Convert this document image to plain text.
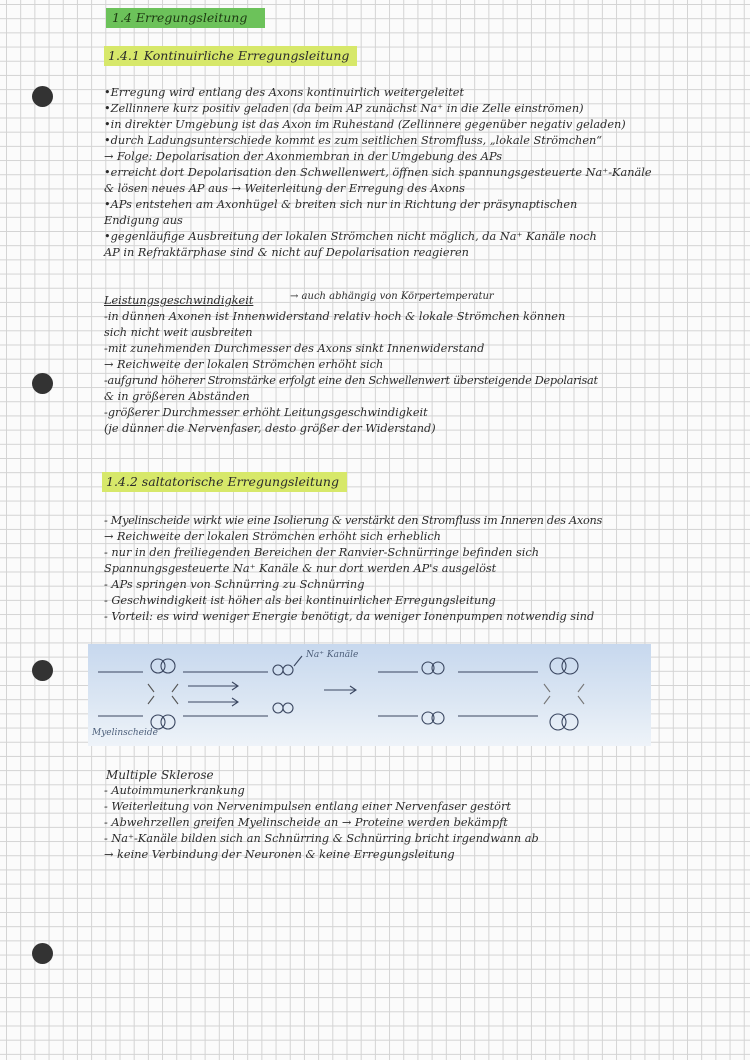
1.4 Erregungsleitung
1.4.1 Kontinuirliche Erregungsleitung
•Erregung wird entlang des Axons kontinuirlich weitergeleitet
•Zellinnere kurz positiv geladen (da beim AP zunächst Na⁺ in die Zelle einströmen)
•in direkter Umgebung ist das Axon im Ruhestand (Zellinnere gegenüber negativ geladen)
•durch Ladungsunterschiede kommt es zum seitlichen Stromfluss, „lokale Strömchen“
→ Folge: Depolarisation der Axonmembran in der Umgebung des APs
•erreicht dort Depolarisation den Schwellenwert, öffnen sich spannungsgesteuerte Na⁺-Kanäle
& lösen neues AP aus → Weiterleitung der Erregung des Axons
•APs entstehen am Axonhügel & breiten sich nur in Richtung der präsynaptischen
Endigung aus
•gegenläufige Ausbreitung der lokalen Strömchen nicht möglich, da Na⁺ Kanäle noch
AP in Refraktärphase sind & nicht auf Depolarisation reagieren
Leistungsgeschwindigkeit	→ auch abhängig von Körpertemperatur
-in dünnen Axonen ist Innenwiderstand relativ hoch & lokale Strömchen können
sich nicht weit ausbreiten
-mit zunehmenden Durchmesser des Axons sinkt Innenwiderstand
→ Reichweite der lokalen Strömchen erhöht sich
-aufgrund höherer Stromstärke erfolgt eine den Schwellenwert übersteigende Depolarisat
& in größeren Abständen
-größerer Durchmesser erhöht Leitungsgeschwindigkeit
(je dünner die Nervenfaser, desto größer der Widerstand)
1.4.2 saltatorische Erregungsleitung
- Myelinscheide wirkt wie eine Isolierung & verstärkt den Stromfluss im Inneren des Axons
→ Reichweite der lokalen Strömchen erhöht sich erheblich
- nur in den freiliegenden Bereichen der Ranvier-Schnürringe befinden sich
Spannungsgesteuerte Na⁺ Kanäle & nur dort werden AP's ausgelöst
- APs springen von Schnürring zu Schnürring
- Geschwindigkeit ist höher als bei kontinuirlicher Erregungsleitung
- Vorteil: es wird weniger Energie benötigt, da weniger Ionenpumpen notwendig sind
Na⁺ Kanäle
Myelinscheide
Multiple Sklerose
- Autoimmunerkrankung
- Weiterleitung von Nervenimpulsen entlang einer Nervenfaser gestört
- Abwehrzellen greifen Myelinscheide an → Proteine werden bekämpft
- Na⁺-Kanäle bilden sich an Schnürring & Schnürring bricht irgendwann ab
→ keine Verbindung der Neuronen & keine Erregungsleitung
